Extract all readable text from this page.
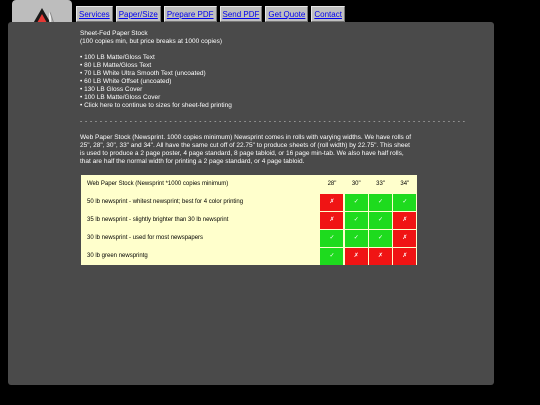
Services	Paper/Size	Prepare PDF	Send PDF	Get Quote	Contact

Sheet-Fed Paper Stock

(100 copies min, but price breaks at 1000 copies)

• 100 LB Matte/Gloss Text

• 80 LB Matte/Gloss Text

• 70 LB White Ultra Smooth Text (uncoated)

• 60 LB White Offset (uncoated)

• 130 LB Gloss Cover

• 100 LB Matte/Gloss Cover

• Click here to continue to sizes for sheet-fed printing

- - - - - - - - - - - - - - - - - - - - - - - - - - - - - - - - - - - - - - - - - - - - - - - - - - - - - - - - - - - - - - - - - - - - - - - - - - - - - -

Web Paper Stock (Newsprint. 1000 copies minimum) Newsprint comes in rolls with varying widths. We have rolls of 25", 28", 30", 33" and 34". All have the same cut off of 22.75" to produce sheets of (roll width) by 22.75". This sheet is used to produce a 2 page poster, 4 page standard, 8 page tabloid, or 16 page min-tab. We also have half rolls, that are half the normal width for printing a 2 page standard, or 4 page tabloid.

Web Paper Stock (Newsprint *1000 copies minimum)	28"	30"	33"	34"
50 lb newsprint - whitest newsprint; best for 4 color printing	✗	✓	✓	✓

35 lb newsprint - slightly brighter than 30 lb newsprint	✗	✓	✓	✗

30 lb newsprint - used for most newspapers	✓	✓	✓	✗

30 lb green newsprintg	✓	✗	✗	✗
